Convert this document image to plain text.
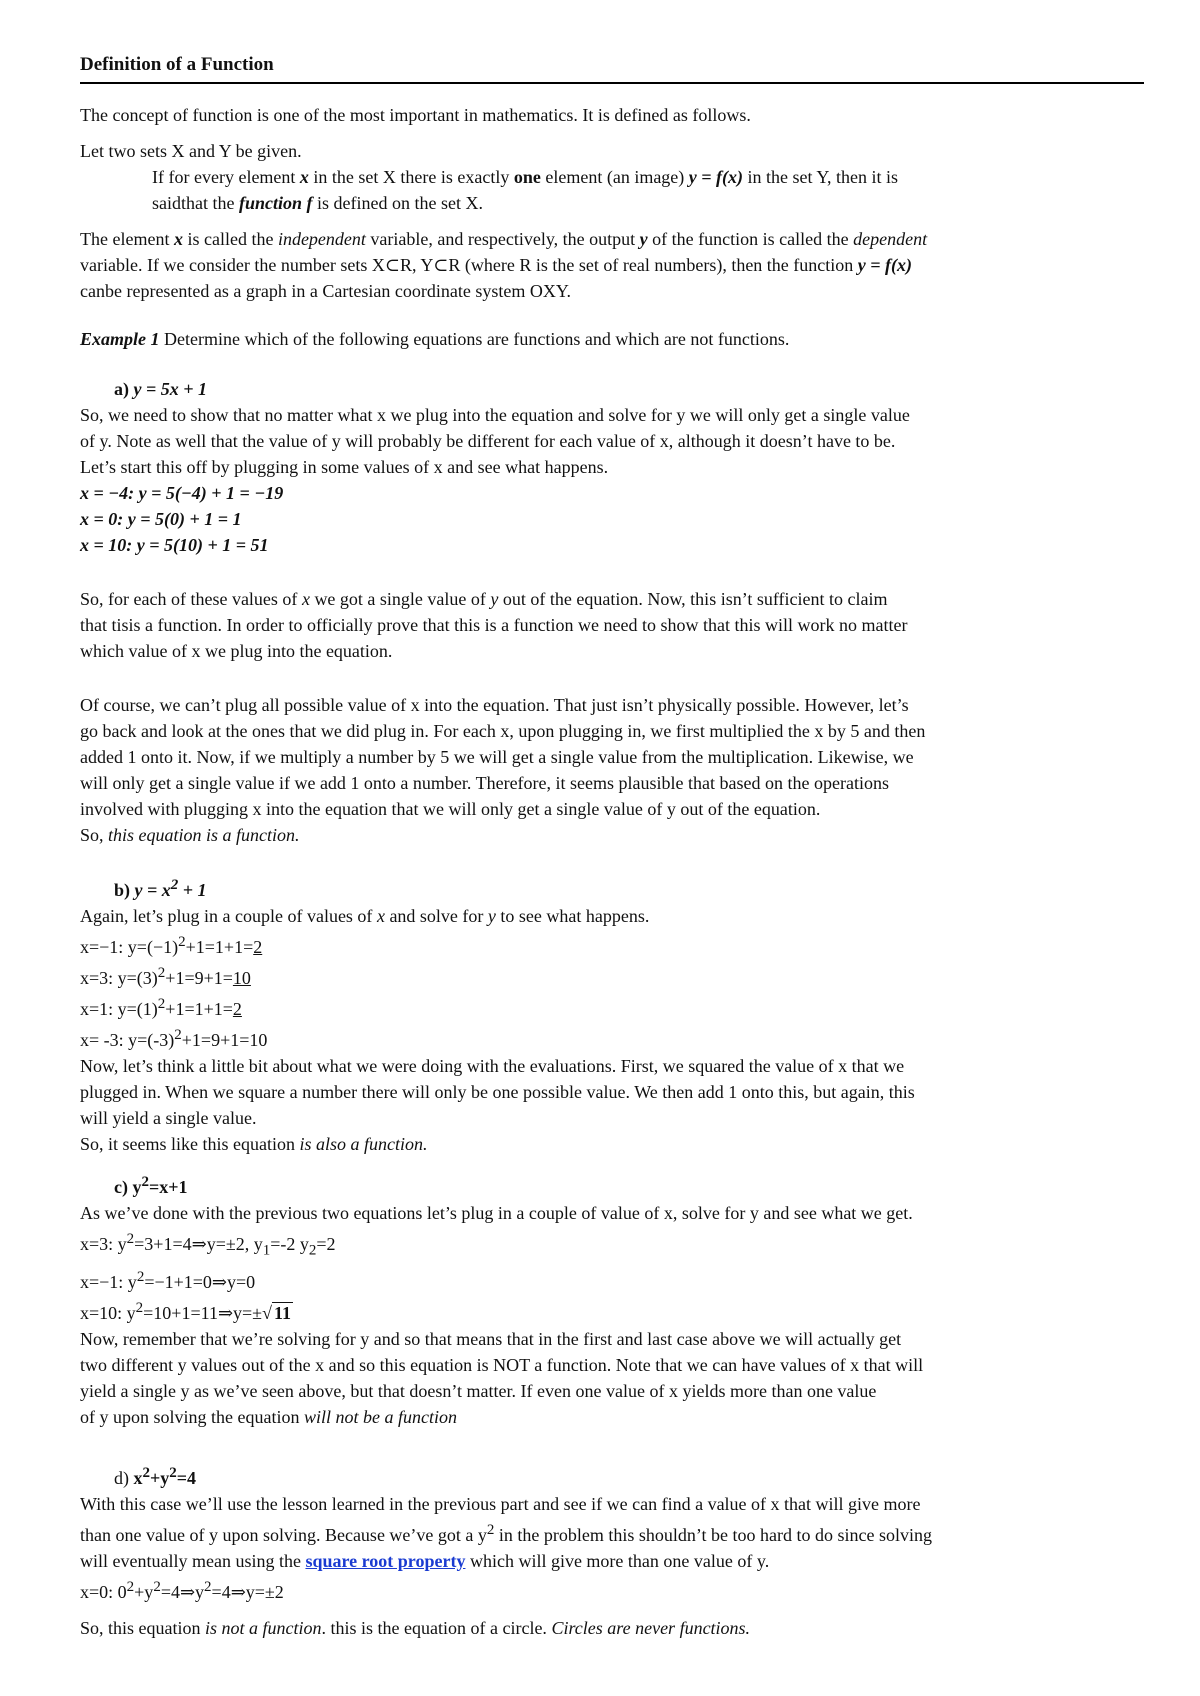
Definition of a Function

The concept of function is one of the most important in mathematics. It is defined as follows.

Let two sets X and Y be given.

If for every element x in the set X there is exactly one element (an image) y = f(x) in the set Y, then it is

saidthat the function f is defined on the set X.

The element x is called the independent variable, and respectively, the output y of the function is called the dependent

variable. If we consider the number sets X⊂R, Y⊂R (where R is the set of real numbers), then the function y = f(x)

canbe represented as a graph in a Cartesian coordinate system OXY.

Example 1 Determine which of the following equations are functions and which are not functions.

a) y = 5x + 1

So, we need to show that no matter what x we plug into the equation and solve for y we will only get a single value

of y. Note as well that the value of y will probably be different for each value of x, although it doesn’t have to be.

Let’s start this off by plugging in some values of x and see what happens.

x = −4: y = 5(−4) + 1 = −19

x = 0: y = 5(0) + 1 = 1

x = 10: y = 5(10) + 1 = 51

So, for each of these values of x we got a single value of y out of the equation. Now, this isn’t sufficient to claim

that tisis a function. In order to officially prove that this is a function we need to show that this will work no matter

which value of x we plug into the equation.

Of course, we can’t plug all possible value of x into the equation. That just isn’t physically possible. However, let’s

go back and look at the ones that we did plug in. For each x, upon plugging in, we first multiplied the x by 5 and then

added 1 onto it. Now, if we multiply a number by 5 we will get a single value from the multiplication. Likewise, we

will only get a single value if we add 1 onto a number. Therefore, it seems plausible that based on the operations

involved with plugging x into the equation that we will only get a single value of y out of the equation.

So, this equation is a function.

b) $y = x^2 + 1$

Again, let’s plug in a couple of values of x and solve for y to see what happens.

x=−1: $y=(-1)^2+1=1+1=2$

x=3: $y=(3)^2+1=9+1=10$

x=1: $y=(1)^2+1=1+1=2$

x= -3: $y=(-3)^2+1=9+1=10$

Now, let’s think a little bit about what we were doing with the evaluations. First, we squared the value of x that we

plugged in. When we square a number there will only be one possible value. We then add 1 onto this, but again, this

will yield a single value.

So, it seems like this equation is also a function.

c) $y^2=x+1$

As we’ve done with the previous two equations let’s plug in a couple of value of x, solve for y and see what we get.

x=3: $y^2=3+1=4\Rightarrow y=\pm 2$, $y_1=-2$ $y_2=2$

x=−1: $y^2=-1+1=0\Rightarrow y=0$

x=10: $y^2=10+1=11\Rightarrow y=\pm√$ 11

Now, remember that we’re solving for y and so that means that in the first and last case above we will actually get

two different y values out of the x and so this equation is NOT a function. Note that we can have values of x that will

yield a single y as we’ve seen above, but that doesn’t matter. If even one value of x yields more than one value

of y upon solving the equation will not be a function

d) $x^2+y^2=4$

With this case we’ll use the lesson learned in the previous part and see if we can find a value of x that will give more

than one value of y upon solving. Because we’ve got a $y^2$ in the problem this shouldn’t be too hard to do since solving

will eventually mean using the square root property which will give more than one value of y.

x=0: $0^2+y^2=4\Rightarrow y^2=4\Rightarrow y=\pm 2$

So, this equation is not a function. this is the equation of a circle. Circles are never functions.
